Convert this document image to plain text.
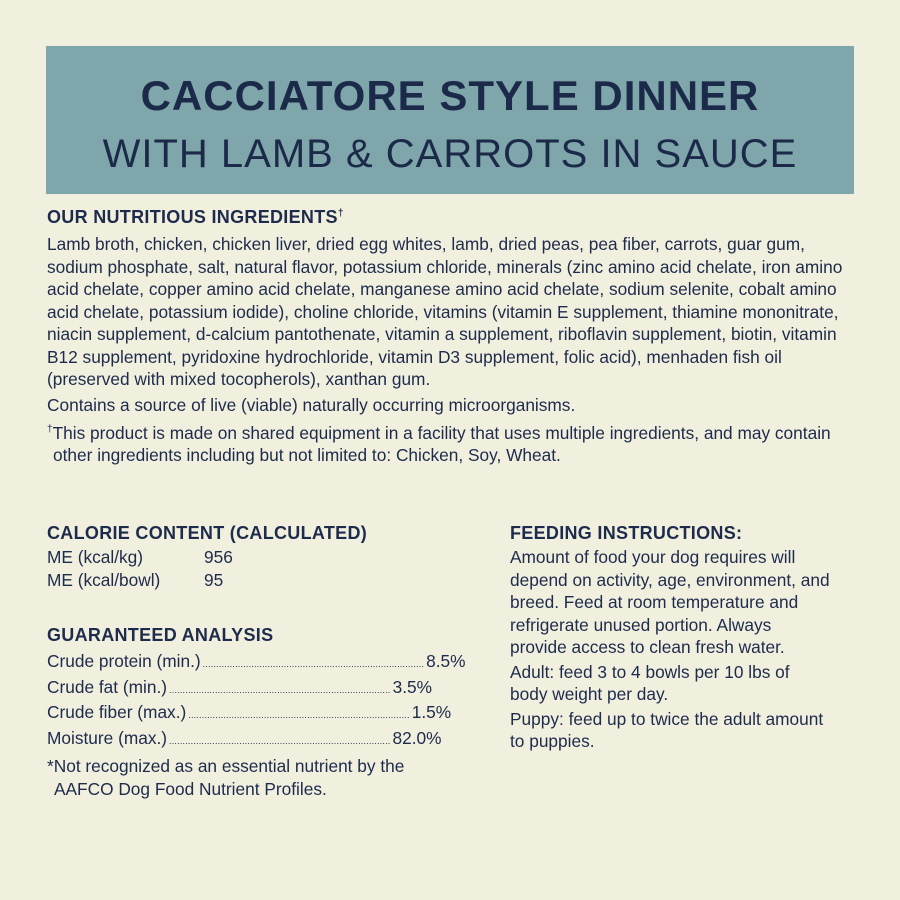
CACCIATORE STYLE DINNER
WITH LAMB & CARROTS IN SAUCE

OUR NUTRITIOUS INGREDIENTS†

Lamb broth, chicken, chicken liver, dried egg whites, lamb, dried peas, pea fiber, carrots, guar gum, sodium phosphate, salt, natural flavor, potassium chloride, minerals (zinc amino acid chelate, iron amino acid chelate, copper amino acid chelate, manganese amino acid chelate, sodium selenite, cobalt amino acid chelate, potassium iodide), choline chloride, vitamins (vitamin E supplement, thiamine mononitrate, niacin supplement, d-calcium pantothenate, vitamin a supplement, riboflavin supplement, biotin, vitamin B12 supplement, pyridoxine hydrochloride, vitamin D3 supplement, folic acid), menhaden fish oil (preserved with mixed tocopherols), xanthan gum.

Contains a source of live (viable) naturally occurring microorganisms.

†This product is made on shared equipment in a facility that uses multiple ingredients, and may contain other ingredients including but not limited to: Chicken, Soy, Wheat.

CALORIE CONTENT (CALCULATED)

ME (kcal/kg)	956
ME (kcal/bowl)	95

GUARANTEED ANALYSIS

Crude protein (min.) .................................................................................. 8.5%
Crude fat (min.) .................................................................................. 3.5%
Crude fiber (max.) .................................................................................. 1.5%
Moisture (max.) .................................................................................. 82.0%

*Not recognized as an essential nutrient by the AAFCO Dog Food Nutrient Profiles.

FEEDING INSTRUCTIONS:

Amount of food your dog requires will depend on activity, age, environment, and breed. Feed at room temperature and refrigerate unused portion. Always provide access to clean fresh water.

Adult: feed 3 to 4 bowls per 10 lbs of body weight per day.

Puppy: feed up to twice the adult amount to puppies.
